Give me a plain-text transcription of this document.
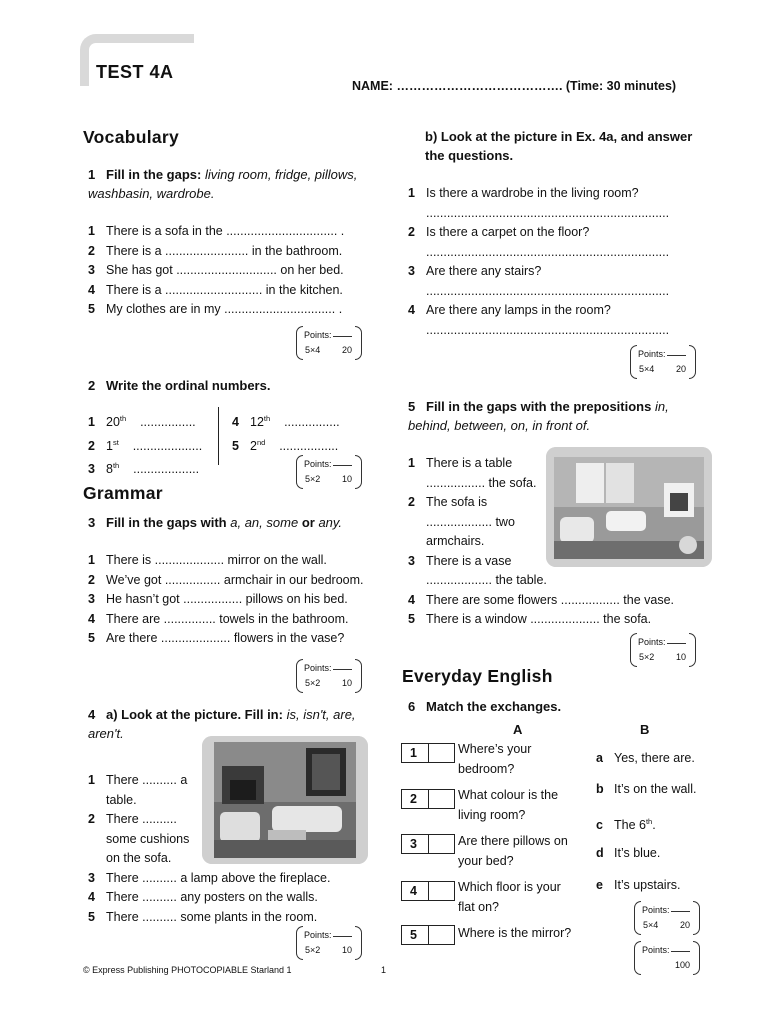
TEST 4A
NAME: …………………………………. (Time: 30 minutes)
Vocabulary
1 Fill in the gaps: living room, fridge, pillows, washbasin, wardrobe.
1 There is a sofa in the ................................ .
2 There is a ........................ in the bathroom.
3 She has got ............................. on her bed.
4 There is a ............................ in the kitchen.
5 My clothes are in my ................................ .
Points:
5×4 20
2 Write the ordinal numbers.
1 20th ................
2 1st ....................
3 8th ...................
4 12th ................
5 2nd .................
Points:
5×2 10
Grammar
3 Fill in the gaps with a, an, some or any.
1 There is .................... mirror on the wall.
2 We’ve got ................ armchair in our bedroom.
3 He hasn’t got ................. pillows on his bed.
4 There are ............... towels in the bathroom.
5 Are there .................... flowers in the vase?
Points:
5×2 10
4 a) Look at the picture. Fill in: is, isn't, are, aren't.
1 There .......... a
table.
2 There ..........
some cushions
on the sofa.
3 There .......... a lamp above the fireplace.
4 There .......... any posters on the walls.
5 There .......... some plants in the room.
Points:
5×2 10
b) Look at the picture in Ex. 4a, and answer the questions.
1 Is there a wardrobe in the living room?
......................................................................
2 Is there a carpet on the floor?
......................................................................
3 Are there any stairs?
......................................................................
4 Are there any lamps in the room?
......................................................................
Points:
5×4 20
5 Fill in the gaps with the prepositions in, behind, between, on, in front of.
1 There is a table
................. the sofa.
2 The sofa is
................... two
armchairs.
3 There is a vase
................... the table.
4 There are some flowers ................. the vase.
5 There is a window .................... the sofa.
Points:
5×2 10
Everyday English
6 Match the exchanges.
A	B
1	Where’s your
bedroom?
2	What colour is the
living room?
3	Are there pillows on
your bed?
4	Which floor is your
flat on?
5	Where is the mirror?
a Yes, there are.
b It’s on the wall.
c The 6th.
d It’s blue.
e It’s upstairs.
Points:
5×4 20
Points:
100
© Express Publishing PHOTOCOPIABLE Starland 1	1
